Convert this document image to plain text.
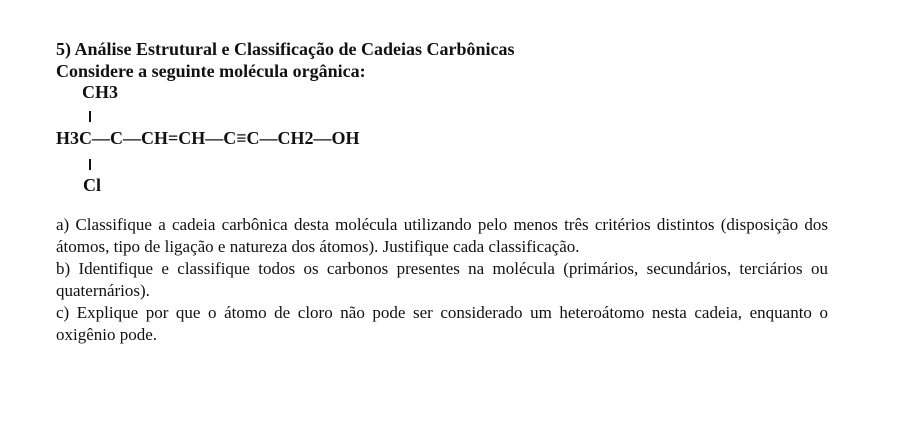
5) Análise Estrutural e Classificação de Cadeias Carbônicas
Considere a seguinte molécula orgânica:
CH3
H3C—C—CH=CH—C≡C—CH2—OH
Cl

a) Classifique a cadeia carbônica desta molécula utilizando pelo menos três critérios distintos (disposição dos átomos, tipo de ligação e natureza dos átomos). Justifique cada classificação.

b) Identifique e classifique todos os carbonos presentes na molécula (primários, secundários, terciários ou quaternários).

c) Explique por que o átomo de cloro não pode ser considerado um heteroátomo nesta cadeia, enquanto o oxigênio pode.
